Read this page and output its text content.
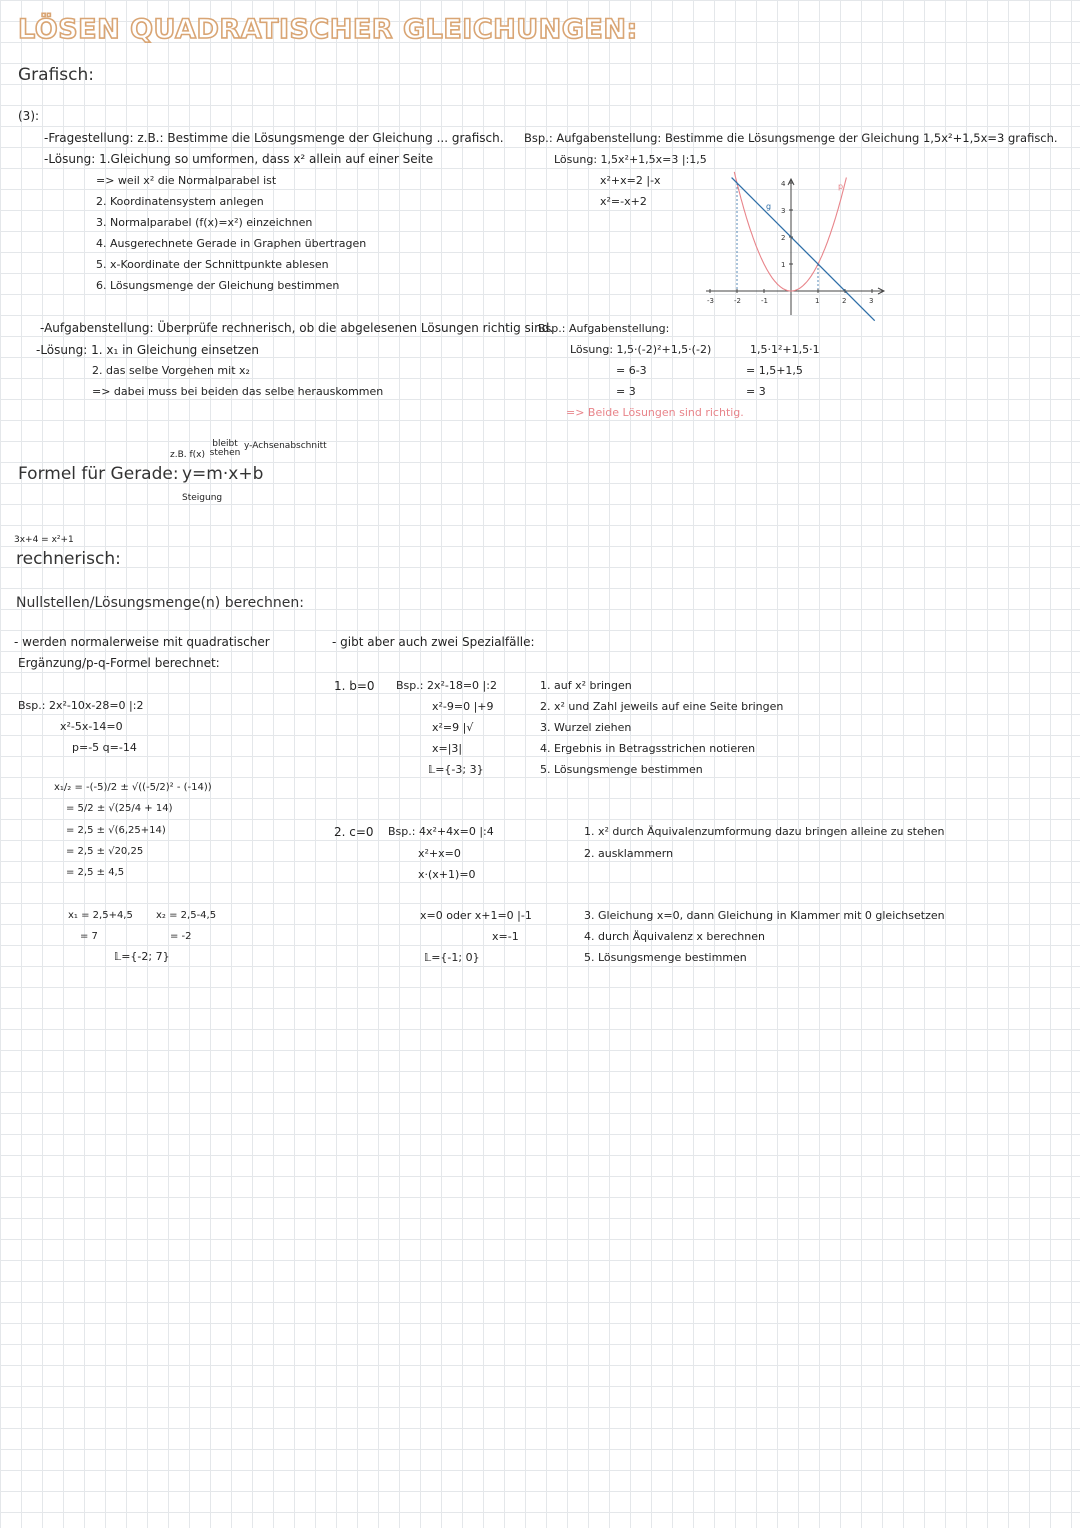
LÖSEN QUADRATISCHER GLEICHUNGEN:
Grafisch:
(3):
-Fragestellung: z.B.: Bestimme die Lösungsmenge der Gleichung ... grafisch.
-Lösung: 1.Gleichung so umformen, dass x² allein auf einer Seite
=> weil x² die Normalparabel ist
2. Koordinatensystem anlegen
3. Normalparabel (f(x)=x²) einzeichnen
4. Ausgerechnete Gerade in Graphen übertragen
5. x-Koordinate der Schnittpunkte ablesen
6. Lösungsmenge der Gleichung bestimmen
Bsp.: Aufgabenstellung: Bestimme die Lösungsmenge der Gleichung 1,5x²+1,5x=3 grafisch.
Lösung: 1,5x²+1,5x=3 |:1,5
x²+x=2 |-x
x²=-x+2
-3	-2	-1	1	2	3
1
2
3
4	p
g
-Aufgabenstellung: Überprüfe rechnerisch, ob die abgelesenen Lösungen richtig sind.
-Lösung: 1. x₁ in Gleichung einsetzen
2. das selbe Vorgehen mit x₂
=> dabei muss bei beiden das selbe herauskommen
Bsp.: Aufgabenstellung:
Lösung: 1,5·(-2)²+1,5·(-2)
= 6-3
= 3
1,5·1²+1,5·1
= 1,5+1,5
= 3
=> Beide Lösungen sind richtig.
Formel für Gerade: y=m·x+b
z.B. f(x)
bleibt stehen
y-Achsenabschnitt
Steigung
3x+4 = x²+1
rechnerisch:
Nullstellen/Lösungsmenge(n) berechnen:
- werden normalerweise mit quadratischer
Ergänzung/p-q-Formel berechnet:
Bsp.: 2x²-10x-28=0 |:2
x²-5x-14=0
p=-5 q=-14
x₁/₂ = -(-5)/2 ± √((-5/2)² - (-14))
= 5/2 ± √(25/4 + 14)
= 2,5 ± √(6,25+14)
= 2,5 ± √20,25
= 2,5 ± 4,5
x₁ = 2,5+4,5
= 7
x₂ = 2,5-4,5
= -2
𝕃={-2; 7}
- gibt aber auch zwei Spezialfälle:
1. b=0 Bsp.: 2x²-18=0 |:2
x²-9=0 |+9
x²=9 |√
x=|3|
𝕃={-3; 3}
1. auf x² bringen
2. x² und Zahl jeweils auf eine Seite bringen
3. Wurzel ziehen
4. Ergebnis in Betragsstrichen notieren
5. Lösungsmenge bestimmen
2. c=0 Bsp.: 4x²+4x=0 |:4
x²+x=0
x·(x+1)=0
x=0 oder x+1=0 |-1
x=-1
𝕃={-1; 0}
1. x² durch Äquivalenzumformung dazu bringen alleine zu stehen
2. ausklammern
3. Gleichung x=0, dann Gleichung in Klammer mit 0 gleichsetzen
4. durch Äquivalenz x berechnen
5. Lösungsmenge bestimmen
